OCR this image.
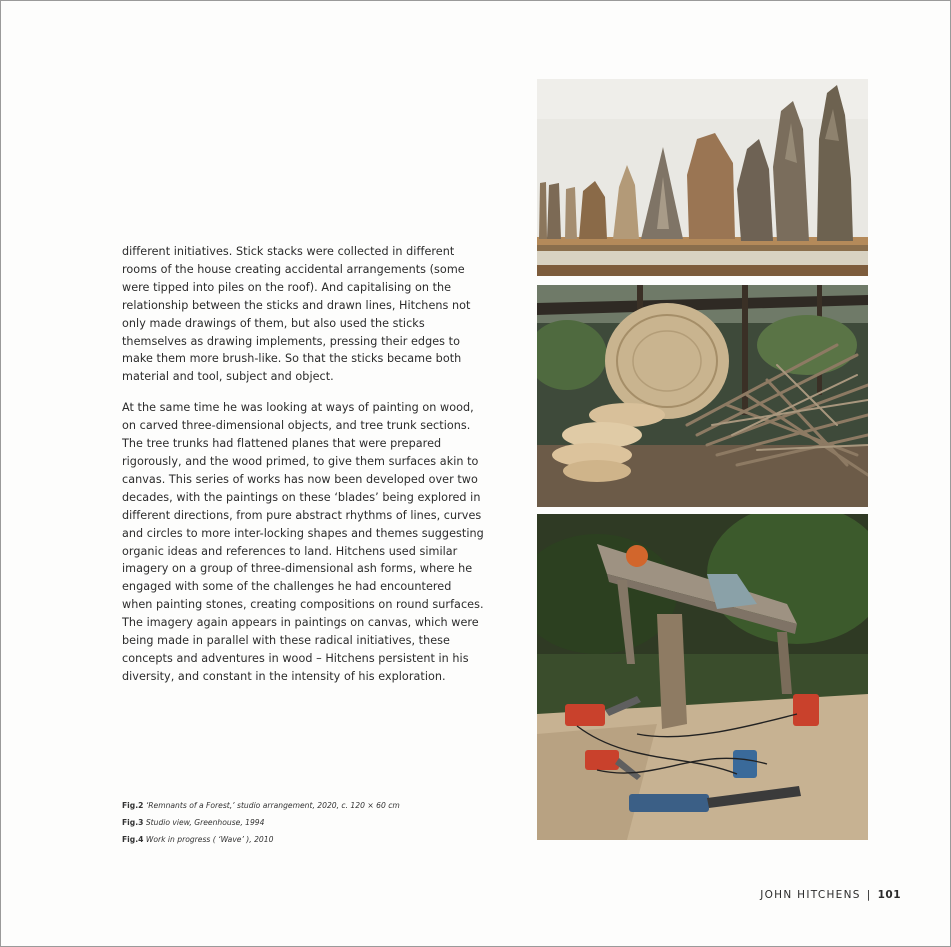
different initiatives. Stick stacks were collected in different rooms of the house creating accidental arrangements (some were tipped into piles on the roof). And capitalising on the relationship between the sticks and drawn lines, Hitchens not only made drawings of them, but also used the sticks themselves as drawing implements, pressing their edges to make them more brush-like. So that the sticks became both material and tool, subject and object.

At the same time he was looking at ways of painting on wood, on carved three-dimensional objects, and tree trunk sections. The tree trunks had flattened planes that were prepared rigorously, and the wood primed, to give them surfaces akin to canvas. This series of works has now been developed over two decades, with the paintings on these ‘blades’ being explored in different directions, from pure abstract rhythms of lines, curves and circles to more inter-locking shapes and themes suggesting organic ideas and references to land. Hitchens used similar imagery on a group of three-dimensional ash forms, where he engaged with some of the challenges he had encountered when painting stones, creating compositions on round surfaces. The imagery again appears in paintings on canvas, which were being made in parallel with these radical initiatives, these concepts and adventures in wood – Hitchens persistent in his diversity, and constant in the intensity of his exploration.

Fig.2 ‘Remnants of a Forest,’ studio arrangement, 2020, c. 120 × 60 cm
Fig.3 Studio view, Greenhouse, 1994
Fig.4 Work in progress ( ‘Wave’ ), 2010
JOHN HITCHENS | 101
